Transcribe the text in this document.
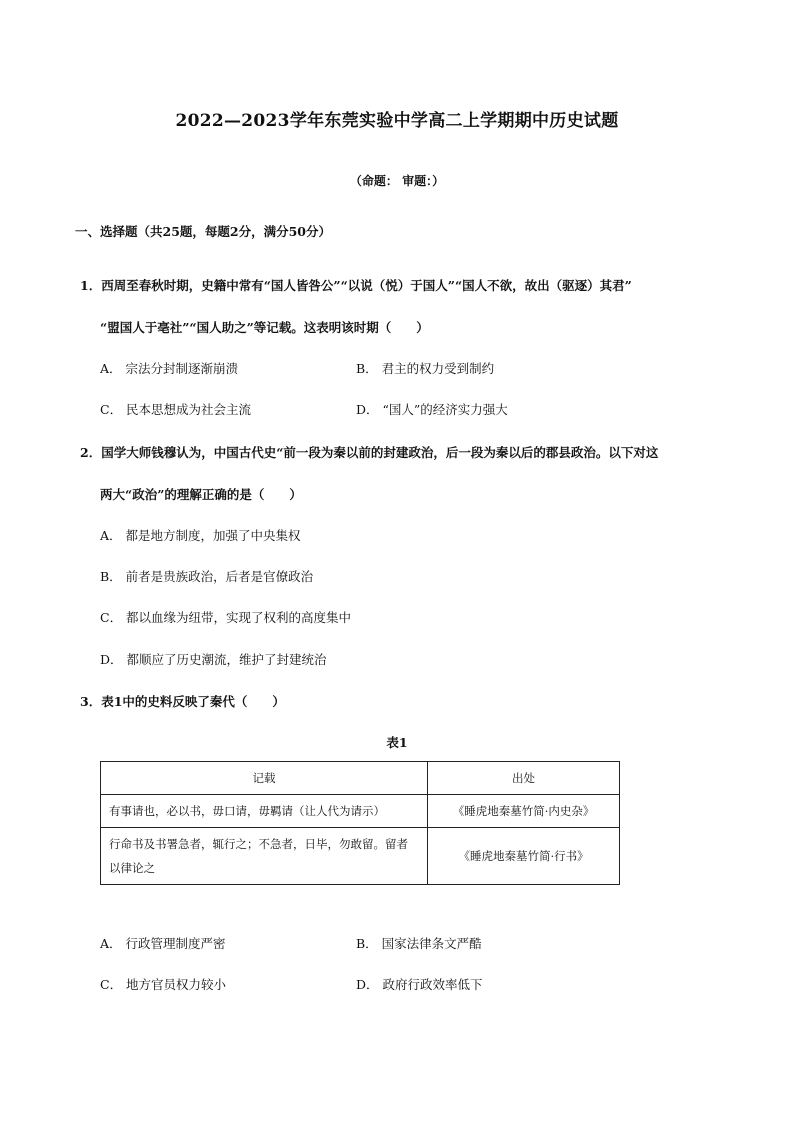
2022—2023学年东莞实验中学高二上学期期中历史试题
（命题： 审题：）
一、选择题（共25题，每题2分，满分50分）
1．西周至春秋时期，史籍中常有“国人皆咎公”“以说（悦）于国人”“国人不欲，故出（驱逐）其君”
“盟国人于亳社”“国人助之”等记载。这表明该时期（　　）
A． 宗法分封制逐渐崩溃	B． 君主的权力受到制约
C． 民本思想成为社会主流	D． “国人”的经济实力强大
2．国学大师钱穆认为，中国古代史“前一段为秦以前的封建政治，后一段为秦以后的郡县政治。以下对这
两大“政治”的理解正确的是（　　）
A． 都是地方制度，加强了中央集权
B． 前者是贵族政治，后者是官僚政治
C． 都以血缘为纽带，实现了权利的高度集中
D． 都顺应了历史潮流，维护了封建统治
3．表1中的史料反映了秦代（　　）
表1
记载	出处
有事请也，必以书，毋口请，毋羁请（让人代为请示）	《睡虎地秦墓竹简·内史杂》
行命书及书署急者，辄行之；不急者，日毕，勿敢留。留者以律论之	《睡虎地秦墓竹简·行书》
A． 行政管理制度严密	B． 国家法律条文严酷
C． 地方官员权力较小	D． 政府行政效率低下
